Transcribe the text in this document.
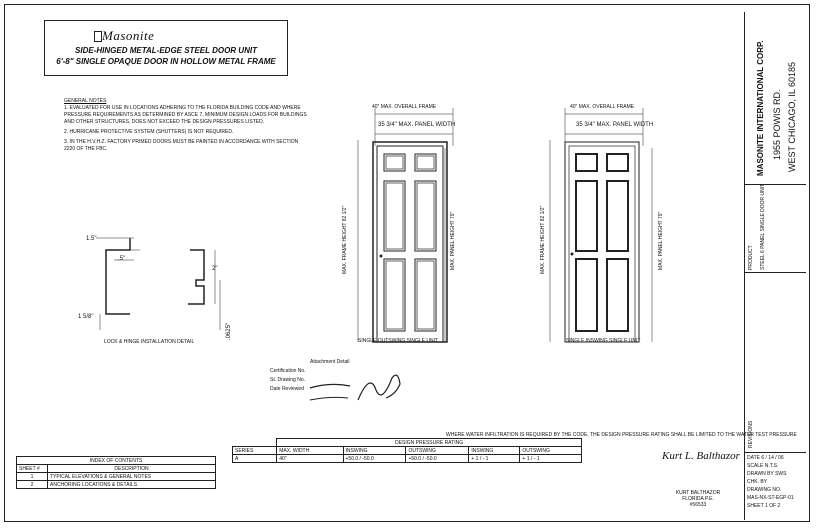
Masonite
SIDE-HINGED METAL-EDGE STEEL DOOR UNIT
6'-8" SINGLE OPAQUE DOOR IN HOLLOW METAL FRAME
GENERAL NOTES

1. EVALUATED FOR USE IN LOCATIONS ADHERING TO THE FLORIDA BUILDING CODE AND WHERE PRESSURE REQUIREMENTS AS DETERMINED BY ASCE 7, MINIMUM DESIGN LOADS FOR BUILDINGS AND OTHER STRUCTURES, DOES NOT EXCEED THE DESIGN PRESSURES LISTED.

2. HURRICANE PROTECTIVE SYSTEM (SHUTTERS) IS NOT REQUIRED.

3. IN THE H.V.H.Z. FACTORY PRIMED DOORS MUST BE PAINTED IN ACCORDANCE WITH SECTION 2220 OF THE FBC.

1.5"
.5"
1 5/8"
2"
.0625"
LOCK & HINGE INSTALLATION DETAIL
40" MAX. OVERALL FRAME
35 3/4" MAX. PANEL WIDTH
MAX. FRAME HEIGHT 82 1/2"	MAX. PANEL HEIGHT 79"
SINGLE OUTSWING SINGLE UNIT
40" MAX. OVERALL FRAME
35 3/4" MAX. PANEL WIDTH
MAX. FRAME HEIGHT 82 1/2"	MAX. PANEL HEIGHT 79"
SINGLE INSWING SINGLE UNIT
Attachment Detail
Certification No.
St. Drawing No.
Date Reviewed
WHERE WATER INFILTRATION IS REQUIRED BY THE CODE, THE DESIGN PRESSURE RATING SHALL BE LIMITED TO THE WATER TEST PRESSURE
	DESIGN PRESSURE RATING				
SERIES	MAX. WIDTH	INSWING	OUTSWING	INSWING	OUTSWING
A	40"	+50.0 / -50.0	+50.0 / -50.0	+ 1 / - 1	+ 1 / - 1
INDEX OF CONTENTS	
SHEET #	DESCRIPTION
1	TYPICAL ELEVATIONS & GENERAL NOTES
2	ANCHORING LOCATIONS & DETAILS
Kurt L. Balthazor
KURT BALTHAZOR
FLORIDA P.E.
#56533
MASONITE INTERNATIONAL CORP. 1955 POWIS RD. WEST CHICAGO, IL 60185
PRODUCT STEEL 6 PANEL SINGLE DOOR UNIT
REVISIONS
DATE 6 / 14 / 06
SCALE N.T.S.
DRAWN BY SWS
CHK. BY
DRAWING NO.
MAS-NX-ST-EGP-01
SHEET 1 OF 2
